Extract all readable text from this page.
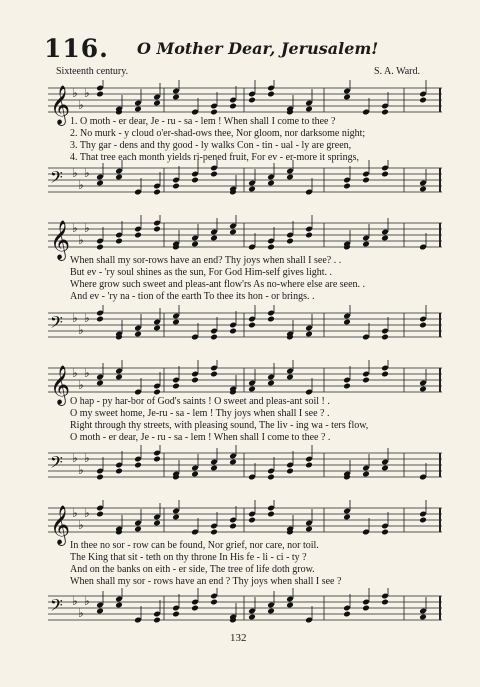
116. O Mother Dear, Jerusalem!
Sixteenth century.	S. A. Ward.
𝄞 ♭
♭
♭
1. O moth - er dear, Je - ru - sa - lem ! When shall I come to thee ?
2. No murk - y cloud o'er-shad-ows thee, Nor gloom, nor darksome night;
3. Thy gar - dens and thy good - ly walks Con - tin - ual - ly are green,
4. That tree each month yields ri-pened fruit, For ev - er-more it springs,
𝄢 ♭
♭
♭
𝄞 ♭
♭
♭
When shall my sor-rows have an end? Thy joys when shall I see? . .
But ev - 'ry soul shines as the sun, For God Him-self gives light. .
Where grow such sweet and pleas-ant flow'rs As no-where else are seen. .
And ev - 'ry na - tion of the earth To thee its hon - or brings. .
𝄢 ♭
♭
♭
𝄞 ♭
♭
♭
O hap - py har-bor of God's saints ! O sweet and pleas-ant soil ! .
O my sweet home, Je-ru - sa - lem ! Thy joys when shall I see ? .
Right through thy streets, with pleasing sound, The liv - ing wa - ters flow,
O moth - er dear, Je - ru - sa - lem ! When shall I come to thee ? .
𝄢 ♭
♭
♭
𝄞 ♭
♭
♭
In thee no sor - row can be found, Nor grief, nor care, nor toil.
The King that sit - teth on thy throne In His fe - li - ci - ty ?
And on the banks on eith - er side, The tree of life doth grow.
When shall my sor - rows have an end ? Thy joys when shall I see ?
𝄢 ♭
♭
♭
132
